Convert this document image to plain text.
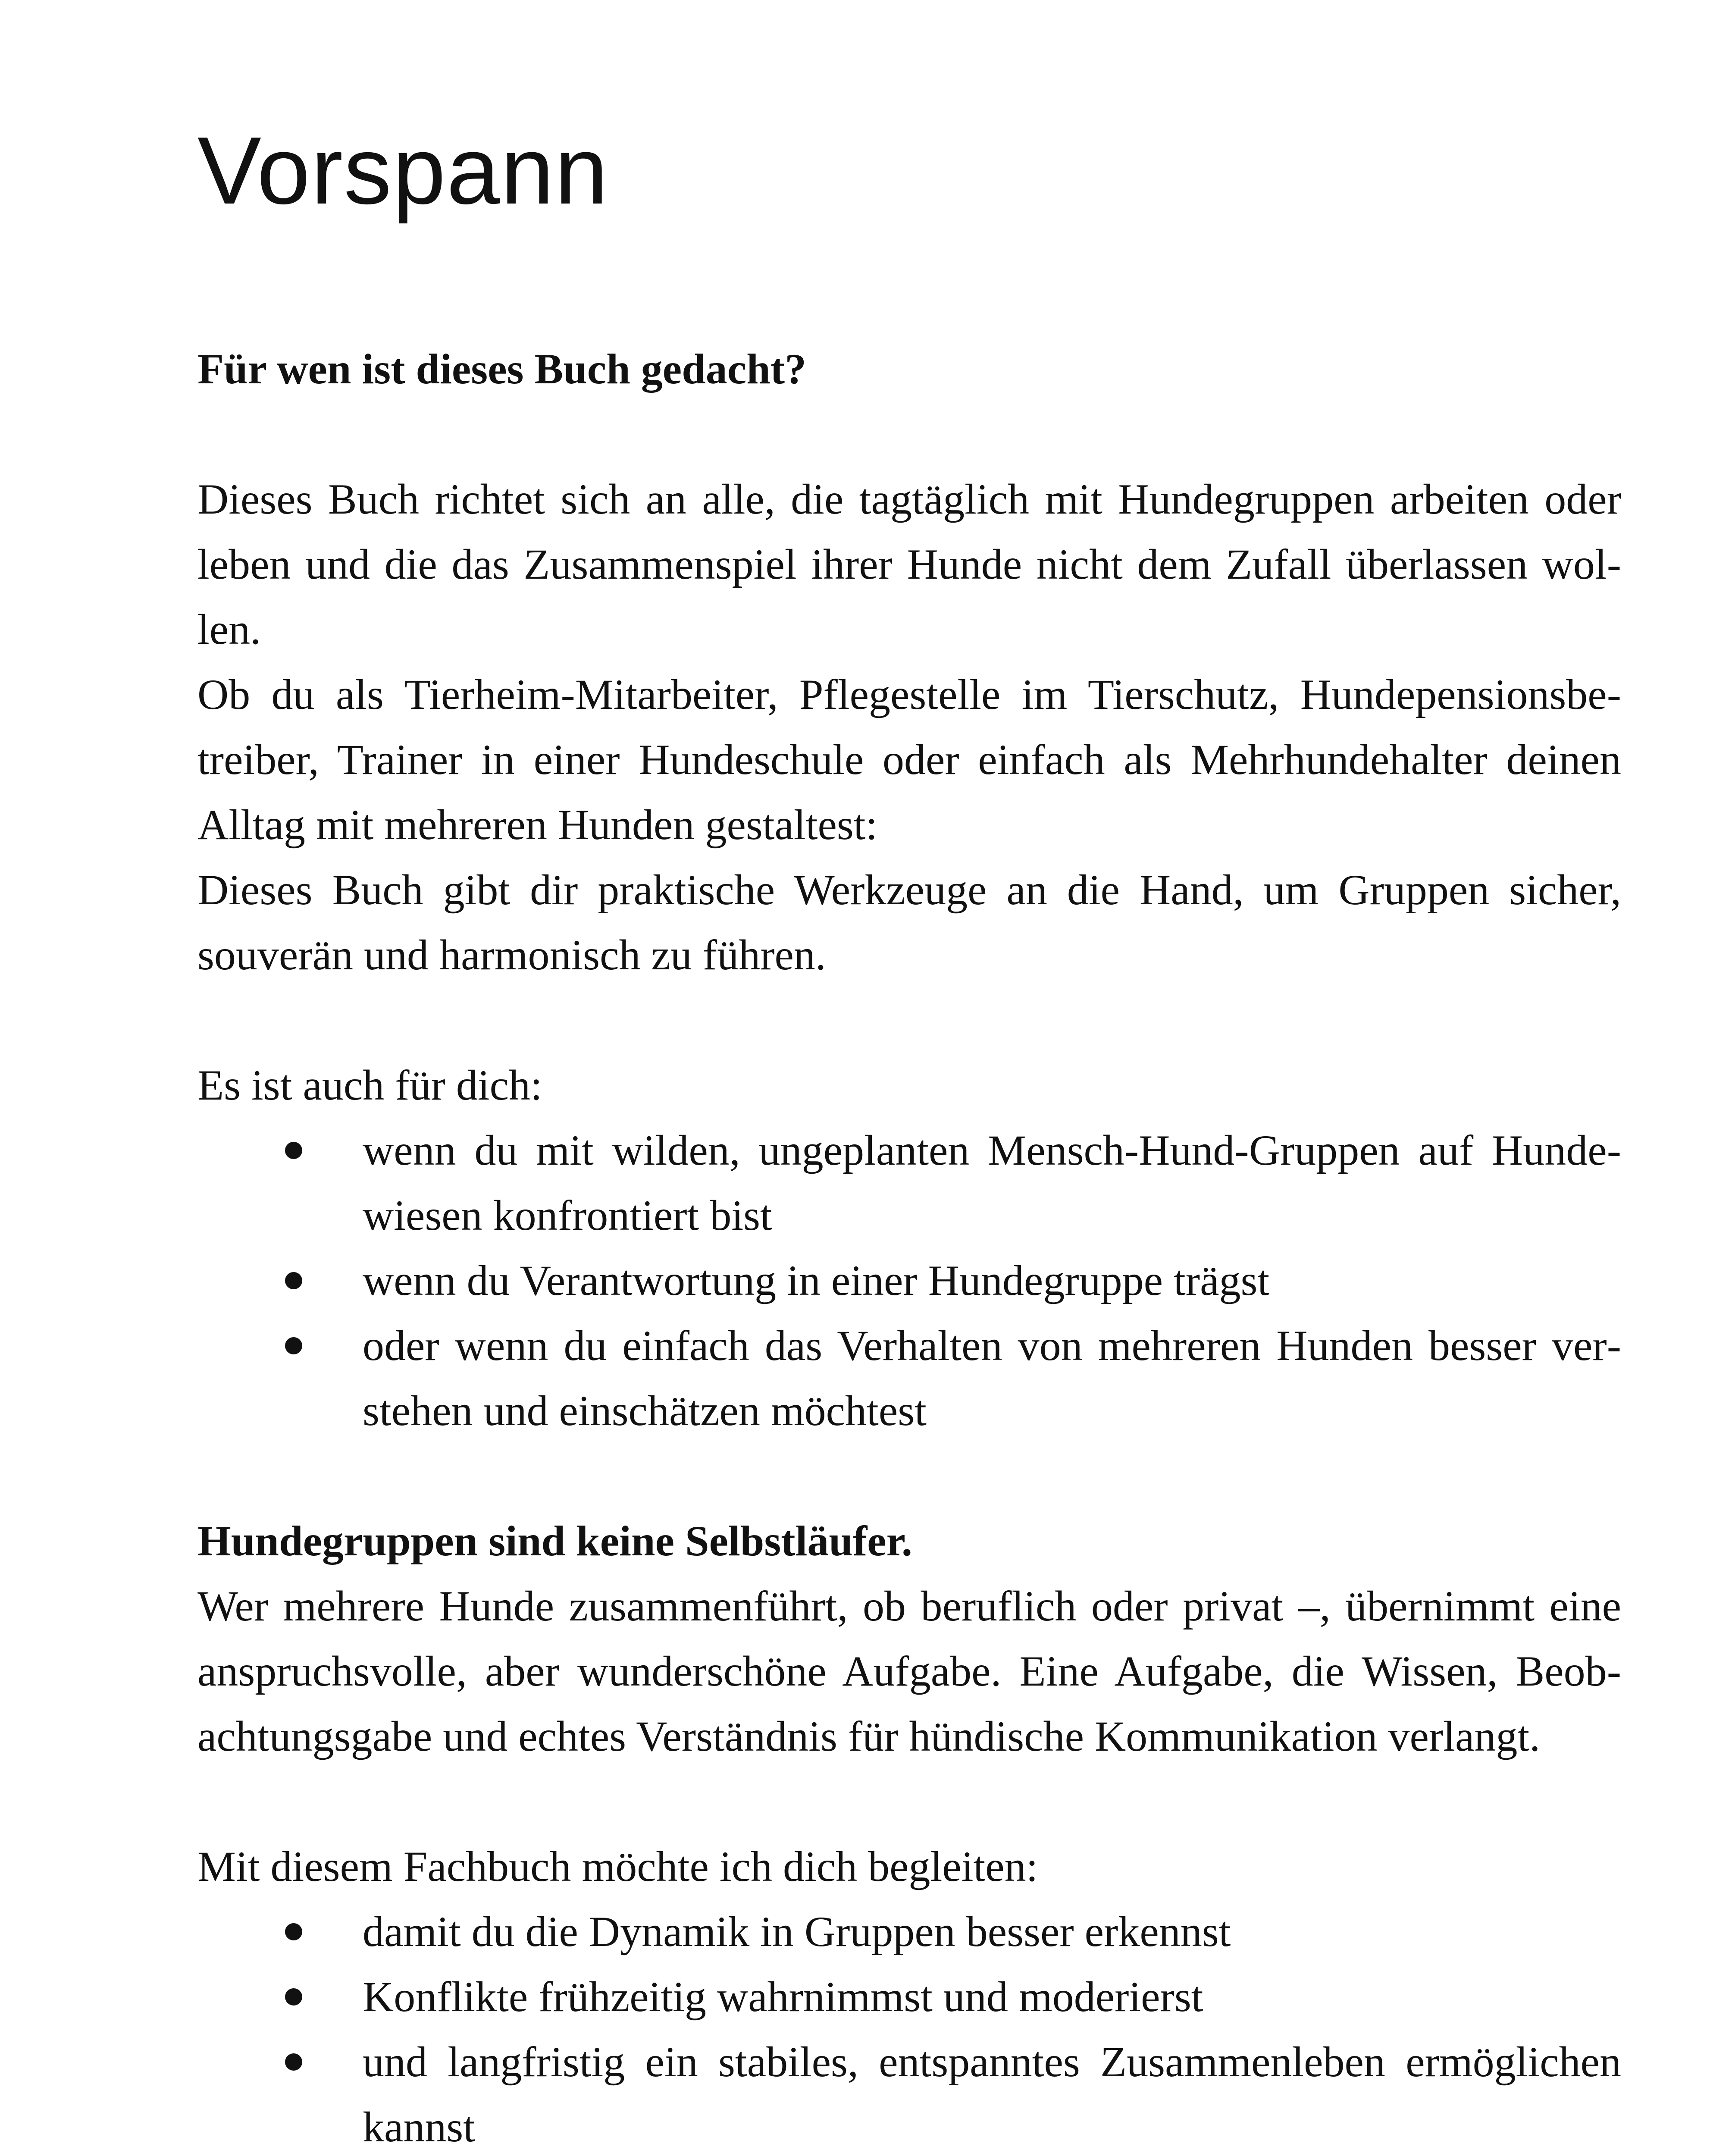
Vorspann

Für wen ist dieses Buch gedacht?

Dieses Buch richtet sich an alle, die tagtäglich mit Hundegruppen arbeiten oder leben und die das Zusammenspiel ihrer Hunde nicht dem Zufall überlassen wollen.

Ob du als Tierheim-Mitarbeiter, Pflegestelle im Tierschutz, Hundepensionsbetreiber, Trainer in einer Hundeschule oder einfach als Mehrhundehalter deinen Alltag mit mehreren Hunden gestaltest:

Dieses Buch gibt dir praktische Werkzeuge an die Hand, um Gruppen sicher, souverän und harmonisch zu führen.

Es ist auch für dich:

wenn du mit wilden, ungeplanten Mensch-Hund-Gruppen auf Hundewiesen konfrontiert bist
wenn du Verantwortung in einer Hundegruppe trägst
oder wenn du einfach das Verhalten von mehreren Hunden besser verstehen und einschätzen möchtest

Hundegruppen sind keine Selbstläufer.

Wer mehrere Hunde zusammenführt, ob beruflich oder privat –, übernimmt eine anspruchsvolle, aber wunderschöne Aufgabe. Eine Aufgabe, die Wissen, Beobachtungsgabe und echtes Verständnis für hündische Kommunikation verlangt.

Mit diesem Fachbuch möchte ich dich begleiten:

damit du die Dynamik in Gruppen besser erkennst
Konflikte frühzeitig wahrnimmst und moderierst
und langfristig ein stabiles, entspanntes Zusammenleben ermöglichen kannst
